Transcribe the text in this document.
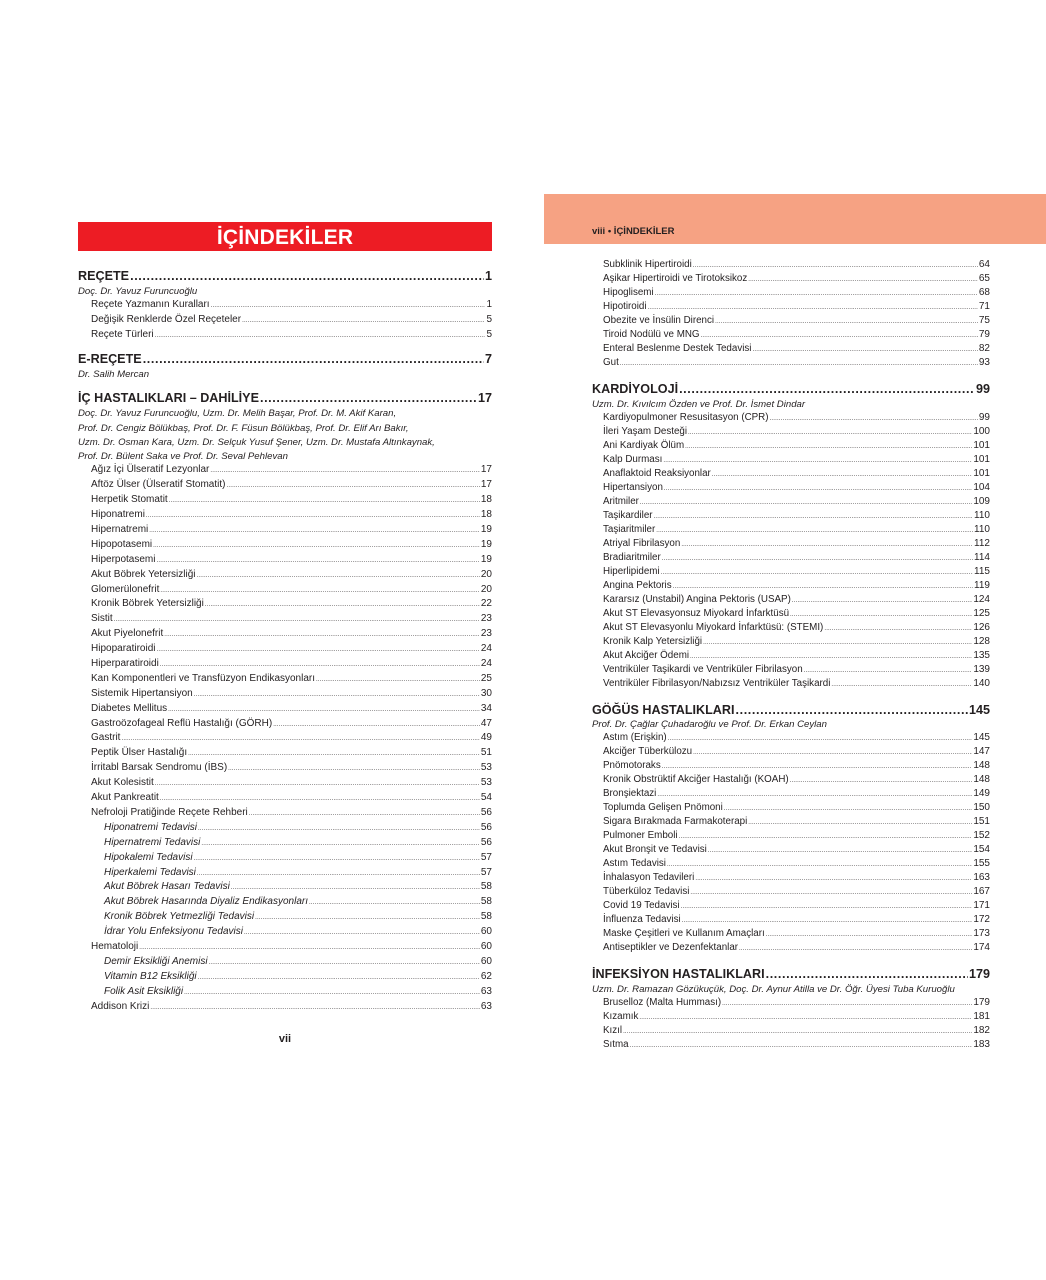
viii • İÇİNDEKİLER
İÇİNDEKİLER
REÇETE .....	1
Doç. Dr. Yavuz Furuncuoğlu
Reçete Yazmanın Kuralları .....	1
Değişik Renklerde Özel Reçeteler .....	5
Reçete Türleri .....	5
E-REÇETE .....	7
Dr. Salih Mercan
İÇ HASTALIKLARI – DAHİLİYE .....	17
Doç. Dr. Yavuz Furuncuoğlu, Uzm. Dr. Melih Başar, Prof. Dr. M. Akif Karan,
Prof. Dr. Cengiz Bölükbaş, Prof. Dr. F. Füsun Bölükbaş, Prof. Dr. Elif Arı Bakır,
Uzm. Dr. Osman Kara, Uzm. Dr. Selçuk Yusuf Şener, Uzm. Dr. Mustafa Altınkaynak,
Prof. Dr. Bülent Saka ve Prof. Dr. Seval Pehlevan
Ağız İçi Ülseratif Lezyonlar .....	17
Aftöz Ülser (Ülseratif Stomatit) .....	17
Herpetik Stomatit .....	18
Hiponatremi .....	18
Hipernatremi .....	19
Hipopotasemi .....	19
Hiperpotasemi .....	19
Akut Böbrek Yetersizliği .....	20
Glomerülonefrit .....	20
Kronik Böbrek Yetersizliği .....	22
Sistit .....	23
Akut Piyelonefrit .....	23
Hipoparatiroidi .....	24
Hiperparatiroidi .....	24
Kan Komponentleri ve Transfüzyon Endikasyonları .....	25
Sistemik Hipertansiyon .....	30
Diabetes Mellitus .....	34
Gastroözofageal Reflü Hastalığı (GÖRH) .....	47
Gastrit .....	49
Peptik Ülser Hastalığı .....	51
İrritabl Barsak Sendromu (İBS) .....	53
Akut Kolesistit .....	53
Akut Pankreatit .....	54
Nefroloji Pratiğinde Reçete Rehberi .....	56
Hiponatremi Tedavisi .....	56
Hipernatremi Tedavisi .....	56
Hipokalemi Tedavisi .....	57
Hiperkalemi Tedavisi .....	57
Akut Böbrek Hasarı Tedavisi .....	58
Akut Böbrek Hasarında Diyaliz Endikasyonları .....	58
Kronik Böbrek Yetmezliği Tedavisi .....	58
İdrar Yolu Enfeksiyonu Tedavisi .....	60
Hematoloji .....	60
Demir Eksikliği Anemisi .....	60
Vitamin B12 Eksikliği .....	62
Folik Asit Eksikliği .....	63
Addison Krizi .....	63
Subklinik Hipertiroidi .....	64
Aşikar Hipertiroidi ve Tirotoksikoz .....	65
Hipoglisemi .....	68
Hipotiroidi .....	71
Obezite ve İnsülin Direnci .....	75
Tiroid Nodülü ve MNG .....	79
Enteral Beslenme Destek Tedavisi .....	82
Gut .....	93
KARDİYOLOJİ .....	99
Uzm. Dr. Kıvılcım Özden ve Prof. Dr. İsmet Dindar
Kardiyopulmoner Resusitasyon (CPR) .....	99
İleri Yaşam Desteği .....	100
Ani Kardiyak Ölüm .....	101
Kalp Durması .....	101
Anaflaktoid Reaksiyonlar .....	101
Hipertansiyon .....	104
Aritmiler .....	109
Taşikardiler .....	110
Taşiaritmiler .....	110
Atriyal Fibrilasyon .....	112
Bradiaritmiler .....	114
Hiperlipidemi .....	115
Angina Pektoris .....	119
Kararsız (Unstabil) Angina Pektoris (USAP) .....	124
Akut ST Elevasyonsuz Miyokard İnfarktüsü .....	125
Akut ST Elevasyonlu Miyokard İnfarktüsü: (STEMI) .....	126
Kronik Kalp Yetersizliği .....	128
Akut Akciğer Ödemi .....	135
Ventriküler Taşikardi ve Ventriküler Fibrilasyon .....	139
Ventriküler Fibrilasyon/Nabızsız Ventriküler Taşikardi .....	140
GÖĞÜS HASTALIKLARI .....	145
Prof. Dr. Çağlar Çuhadaroğlu ve Prof. Dr. Erkan Ceylan
Astım (Erişkin) .....	145
Akciğer Tüberkülozu .....	147
Pnömotoraks .....	148
Kronik Obstrüktif Akciğer Hastalığı (KOAH) .....	148
Bronşiektazi .....	149
Toplumda Gelişen Pnömoni .....	150
Sigara Bırakmada Farmakoterapi .....	151
Pulmoner Emboli .....	152
Akut Bronşit ve Tedavisi .....	154
Astım Tedavisi .....	155
İnhalasyon Tedavileri .....	163
Tüberküloz Tedavisi .....	167
Covid 19 Tedavisi .....	171
İnfluenza Tedavisi .....	172
Maske Çeşitleri ve Kullanım Amaçları .....	173
Antiseptikler ve Dezenfektanlar .....	174
İNFEKSİYON HASTALIKLARI .....	179
Uzm. Dr. Ramazan Gözükuçük, Doç. Dr. Aynur Atilla ve Dr. Öğr. Üyesi Tuba Kuruoğlu
Bruselloz (Malta Humması) .....	179
Kızamık .....	181
Kızıl .....	182
Sıtma .....	183
vii
